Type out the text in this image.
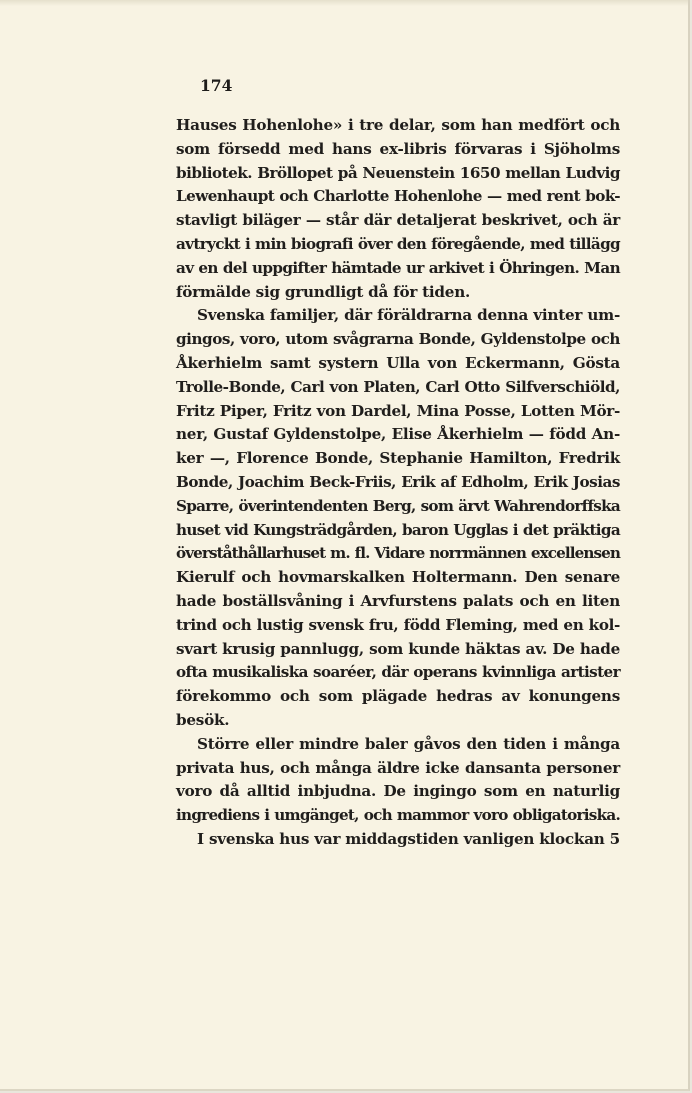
174

Hauses Hohenlohe» i tre delar, som han medfört och
som försedd med hans ex-libris förvaras i Sjöholms
bibliotek. Bröllopet på Neuenstein 1650 mellan Ludvig
Lewenhaupt och Charlotte Hohenlohe — med rent bok-
stavligt biläger — står där detaljerat beskrivet, och är
avtryckt i min biografi över den föregående, med tillägg
av en del uppgifter hämtade ur arkivet i Öhringen. Man
förmälde sig grundligt då för tiden.
Svenska familjer, där föräldrarna denna vinter um-
gingos, voro, utom svågrarna Bonde, Gyldenstolpe och
Åkerhielm samt systern Ulla von Eckermann, Gösta
Trolle-Bonde, Carl von Platen, Carl Otto Silfverschiöld,
Fritz Piper, Fritz von Dardel, Mina Posse, Lotten Mör-
ner, Gustaf Gyldenstolpe, Elise Åkerhielm — född An-
ker —, Florence Bonde, Stephanie Hamilton, Fredrik
Bonde, Joachim Beck-Friis, Erik af Edholm, Erik Josias
Sparre, överintendenten Berg, som ärvt Wahrendorffska
huset vid Kungsträdgården, baron Ugglas i det präktiga
överståthållarhuset m. fl. Vidare norrmännen excellensen
Kierulf och hovmarskalken Holtermann. Den senare
hade boställsvåning i Arvfurstens palats och en liten
trind och lustig svensk fru, född Fleming, med en kol-
svart krusig pannlugg, som kunde häktas av. De hade
ofta musikaliska soaréer, där operans kvinnliga artister
förekommo och som plägade hedras av konungens
besök.
Större eller mindre baler gåvos den tiden i många
privata hus, och många äldre icke dansanta personer
voro då alltid inbjudna. De ingingo som en naturlig
ingrediens i umgänget, och mammor voro obligatoriska.
I svenska hus var middagstiden vanligen klockan 5
